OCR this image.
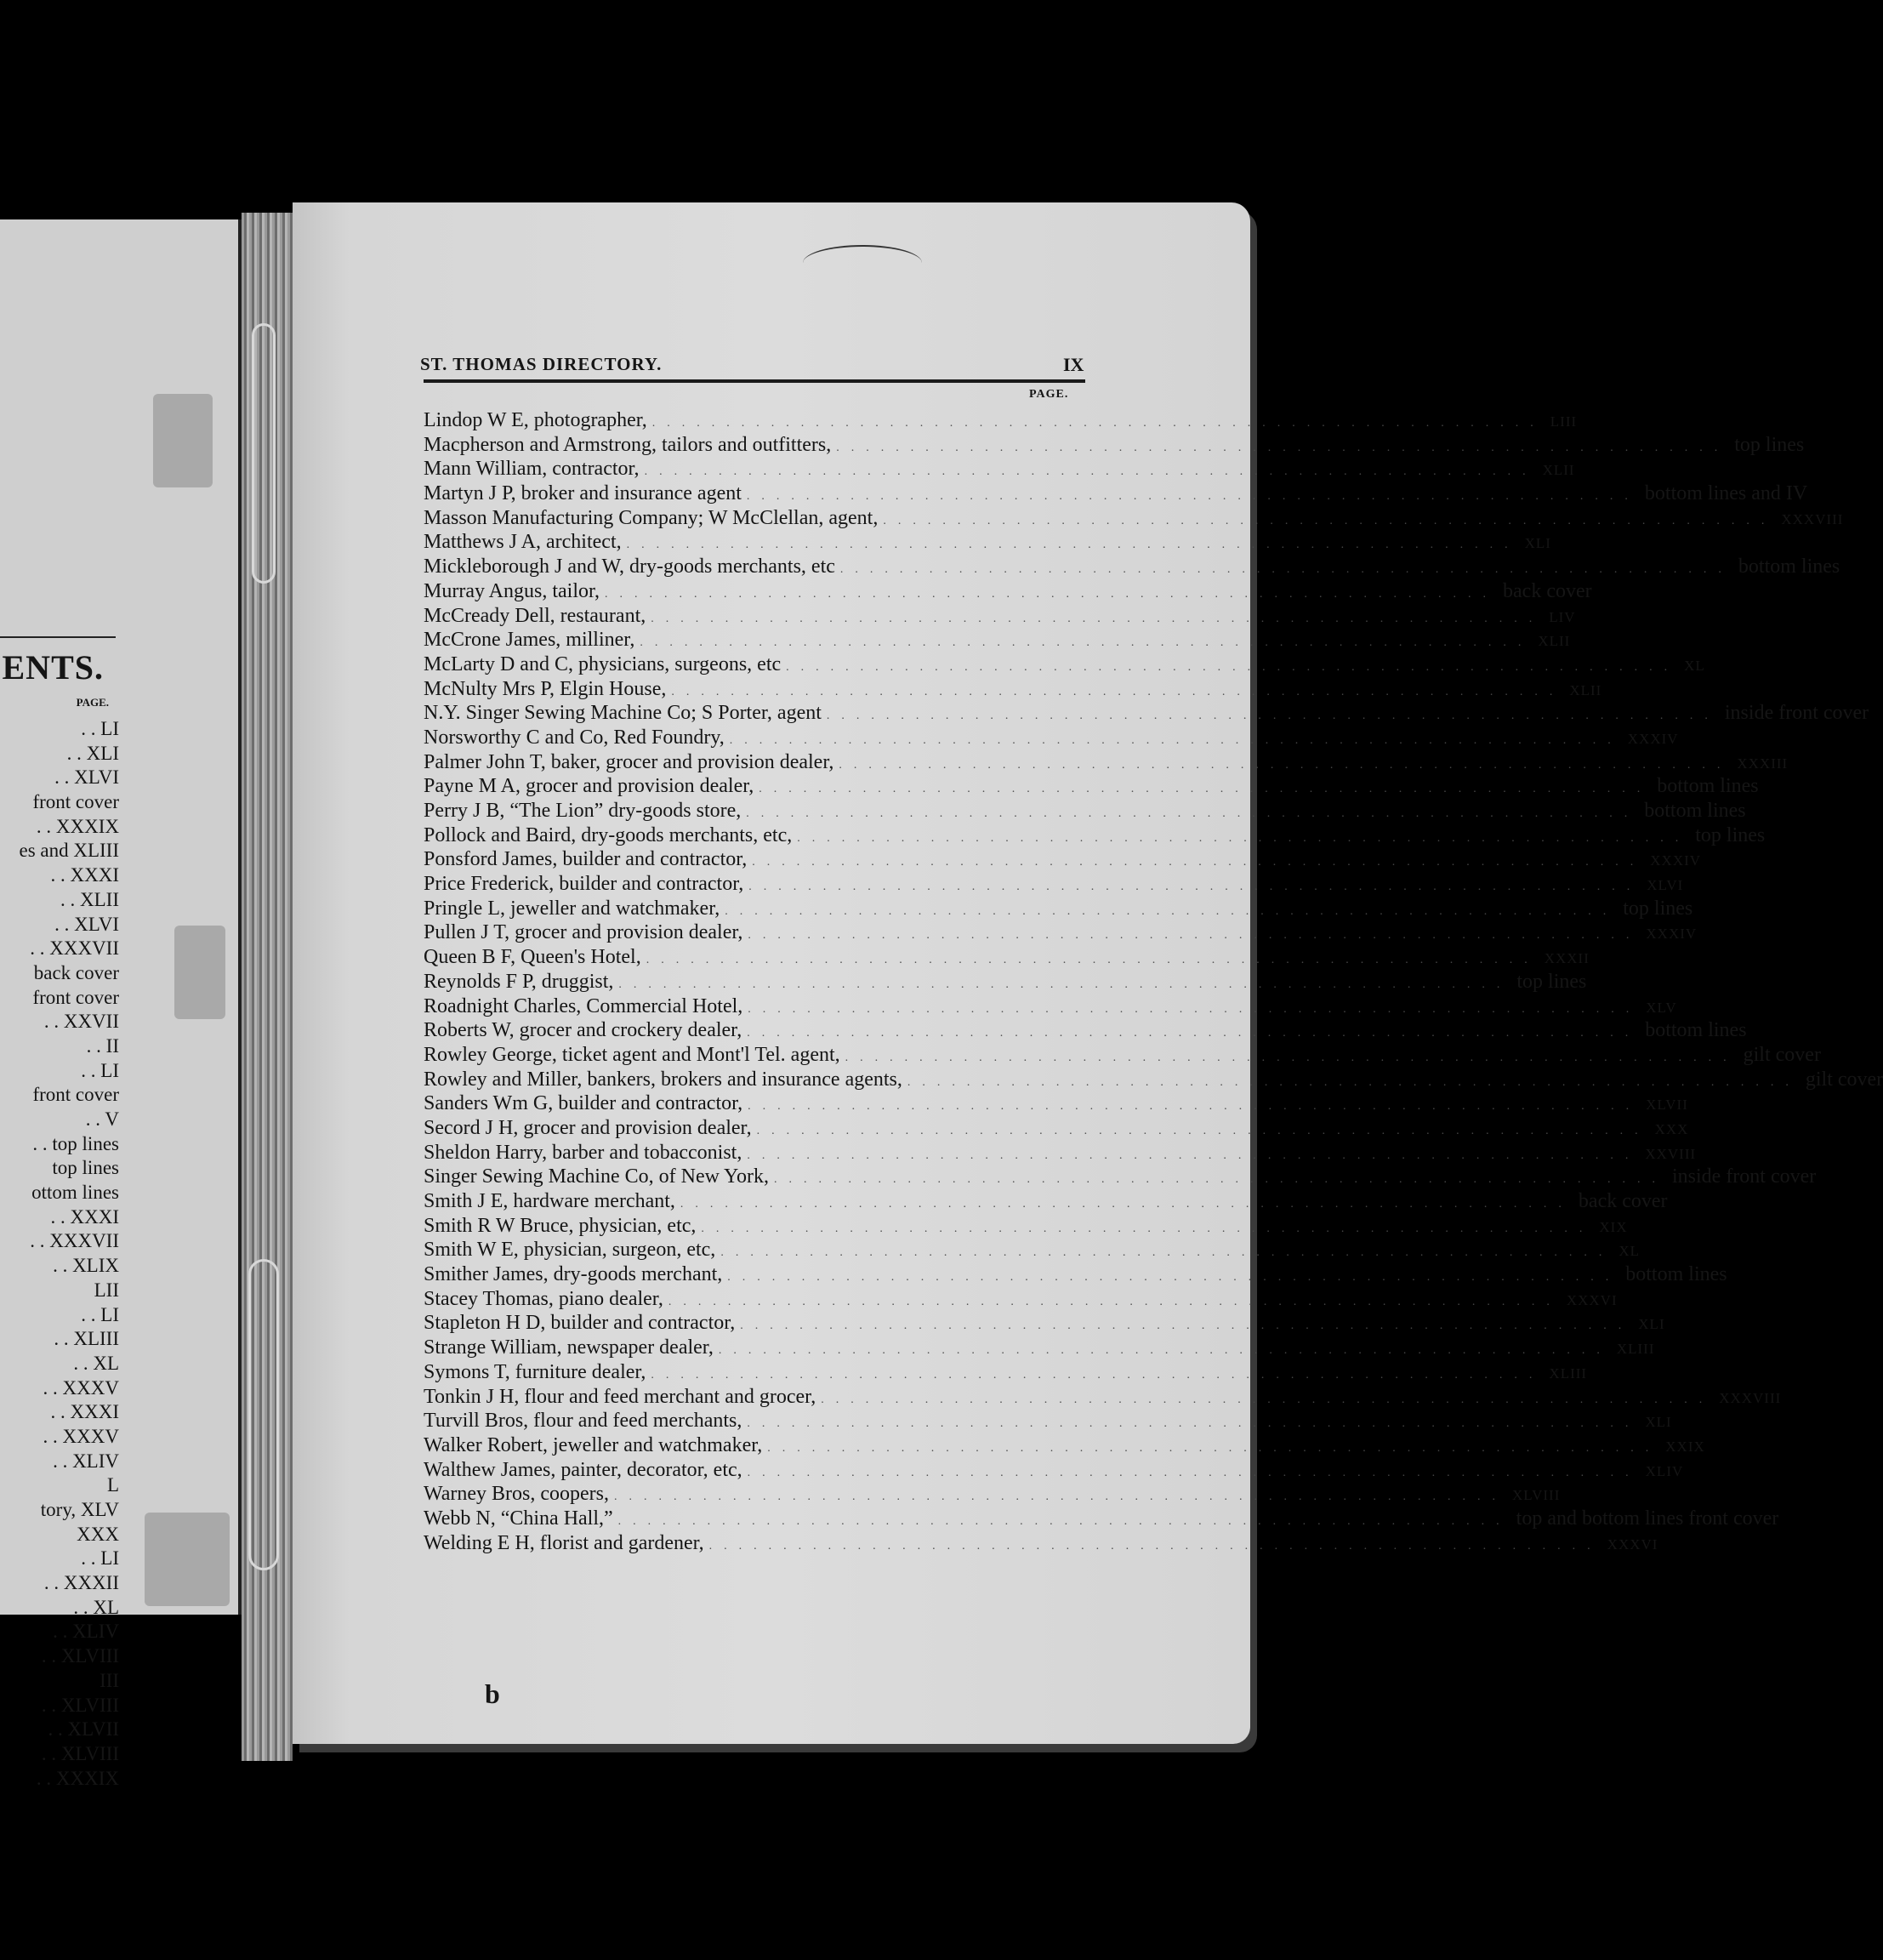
ENTS.
PAGE.
. . LI
. . XLI
. . XLVI
front cover
. . XXXIX
es and XLIII
. . XXXI
. . XLII
. . XLVI
. . XXXVII
back cover
front cover
. . XXVII
. . II
. . LI
front cover
. . V
. . top lines
top lines
ottom lines
. . XXXI
. . XXXVII
. . XLIX
LII
. . LI
. . XLIII
. . XL
. . XXXV
. . XXXI
. . XXXV
. . XLIV
L
tory, XLV
XXX
. . LI
. . XXXII
. . XL
. . XLIV
. . XLVIII
III
. . XLVIII
. . XLVII
. . XLVIII
. . XXXIX
ST. THOMAS DIRECTORY.	IX
PAGE.
Lindop W E, photographer, ............................................................ LIII
Macpherson and Armstrong, tailors and outfitters, ............................................................ top lines
Mann William, contractor, ............................................................ XLII
Martyn J P, broker and insurance agent ............................................................ bottom lines and IV
Masson Manufacturing Company; W McClellan, agent, ............................................................ XXXVIII
Matthews J A, architect, ............................................................ XLI
Mickleborough J and W, dry-goods merchants, etc ............................................................ bottom lines
Murray Angus, tailor, ............................................................ back cover
McCready Dell, restaurant, ............................................................ LIV
McCrone James, milliner, ............................................................ XLII
McLarty D and C, physicians, surgeons, etc ............................................................ XL
McNulty Mrs P, Elgin House, ............................................................ XLII
N.Y. Singer Sewing Machine Co; S Porter, agent ............................................................ inside front cover
Norsworthy C and Co, Red Foundry, ............................................................ XXXIV
Palmer John T, baker, grocer and provision dealer, ............................................................ XXXIII
Payne M A, grocer and provision dealer, ............................................................ bottom lines
Perry J B, “The Lion” dry-goods store, ............................................................ bottom lines
Pollock and Baird, dry-goods merchants, etc, ............................................................ top lines
Ponsford James, builder and contractor, ............................................................ XXXIV
Price Frederick, builder and contractor, ............................................................ XLVI
Pringle L, jeweller and watchmaker, ............................................................ top lines
Pullen J T, grocer and provision dealer, ............................................................ XXXIV
Queen B F, Queen's Hotel, ............................................................ XXXII
Reynolds F P, druggist, ............................................................ top lines
Roadnight Charles, Commercial Hotel, ............................................................ XLV
Roberts W, grocer and crockery dealer, ............................................................ bottom lines
Rowley George, ticket agent and Mont'l Tel. agent, ............................................................ gilt cover
Rowley and Miller, bankers, brokers and insurance agents, ............................................................ gilt cover
Sanders Wm G, builder and contractor, ............................................................ XLVII
Secord J H, grocer and provision dealer, ............................................................ XXX
Sheldon Harry, barber and tobacconist, ............................................................ XXVIII
Singer Sewing Machine Co, of New York, ............................................................ inside front cover
Smith J E, hardware merchant, ............................................................ back cover
Smith R W Bruce, physician, etc, ............................................................ XIX
Smith W E, physician, surgeon, etc, ............................................................ XL
Smither James, dry-goods merchant, ............................................................ bottom lines
Stacey Thomas, piano dealer, ............................................................ XXXVI
Stapleton H D, builder and contractor, ............................................................ XLI
Strange William, newspaper dealer, ............................................................ XLIII
Symons T, furniture dealer, ............................................................ XLIII
Tonkin J H, flour and feed merchant and grocer, ............................................................ XXXVIII
Turvill Bros, flour and feed merchants, ............................................................ XLI
Walker Robert, jeweller and watchmaker, ............................................................ XXIX
Walthew James, painter, decorator, etc, ............................................................ XLIV
Warney Bros, coopers, ............................................................ XLVIII
Webb N, “China Hall,” ............................................................ top and bottom lines front cover
Welding E H, florist and gardener, ............................................................ XXXVI
b
